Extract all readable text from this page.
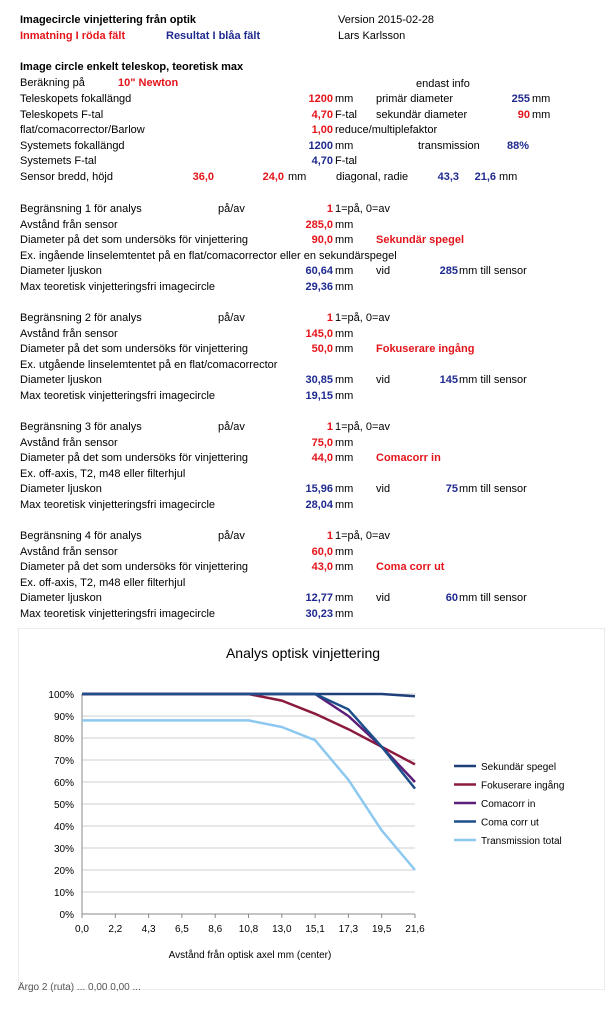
Imagecircle vinjettering från optik	Version 2015-02-28
Inmatning I röda fält	Resultat I blåa fält	Lars Karlsson
Image circle enkelt teleskop, teoretisk max
Beräkning på	10" Newton	endast info
Teleskopets fokallängd	1200 mm primär diameter	255 mm
Teleskopets F-tal	4,70 F-tal sekundär diameter	90 mm
flat/comacorrector/Barlow	1,00 reduce/multiplefaktor
Systemets fokallängd	1200 mm	transmission 88%
Systemets F-tal	4,70 F-tal
Sensor bredd, höjd	36,0	24,0 mm	diagonal, radie	43,3	21,6 mm
Begränsning 1 för analys	på/av	1 1=på, 0=av
Avstånd från sensor	285,0 mm
Diameter på det som undersöks för vinjettering	90,0 mm Sekundär spegel
Ex. ingående linselemtentet på en flat/comacorrector eller en sekundärspegel
Diameter ljuskon	60,64 mm vid	285 mm till sensor
Max teoretisk vinjetteringsfri imagecircle	29,36 mm
Begränsning 2 för analys	på/av	1 1=på, 0=av
Avstånd från sensor	145,0 mm
Diameter på det som undersöks för vinjettering	50,0 mm Fokuserare ingång
Ex. utgående linselemtentet på en flat/comacorrector
Diameter ljuskon	30,85 mm vid	145 mm till sensor
Max teoretisk vinjetteringsfri imagecircle	19,15 mm
Begränsning 3 för analys	på/av	1 1=på, 0=av
Avstånd från sensor	75,0 mm
Diameter på det som undersöks för vinjettering	44,0 mm Comacorr in
Ex. off-axis, T2, m48 eller filterhjul
Diameter ljuskon	15,96 mm vid	75 mm till sensor
Max teoretisk vinjetteringsfri imagecircle	28,04 mm
Begränsning 4 för analys	på/av	1 1=på, 0=av
Avstånd från sensor	60,0 mm
Diameter på det som undersöks för vinjettering	43,0 mm Coma corr ut
Ex. off-axis, T2, m48 eller filterhjul
Diameter ljuskon	12,77 mm vid	60 mm till sensor
Max teoretisk vinjetteringsfri imagecircle	30,23 mm
Analys optisk vinjettering
0%
10%
20%
30%
40%
50%
60%
70%
80%
90%
100%
0,0 2,2 4,3 6,5 8,6 10,8 13,0 15,1 17,3 19,5 21,6
Sekundär spegel
Fokuserare ingång
Comacorr in
Coma corr ut
Transmission total
Avstånd från optisk axel mm (center)
Årgo 2 (ruta) ... 0,00 0,00 ...
